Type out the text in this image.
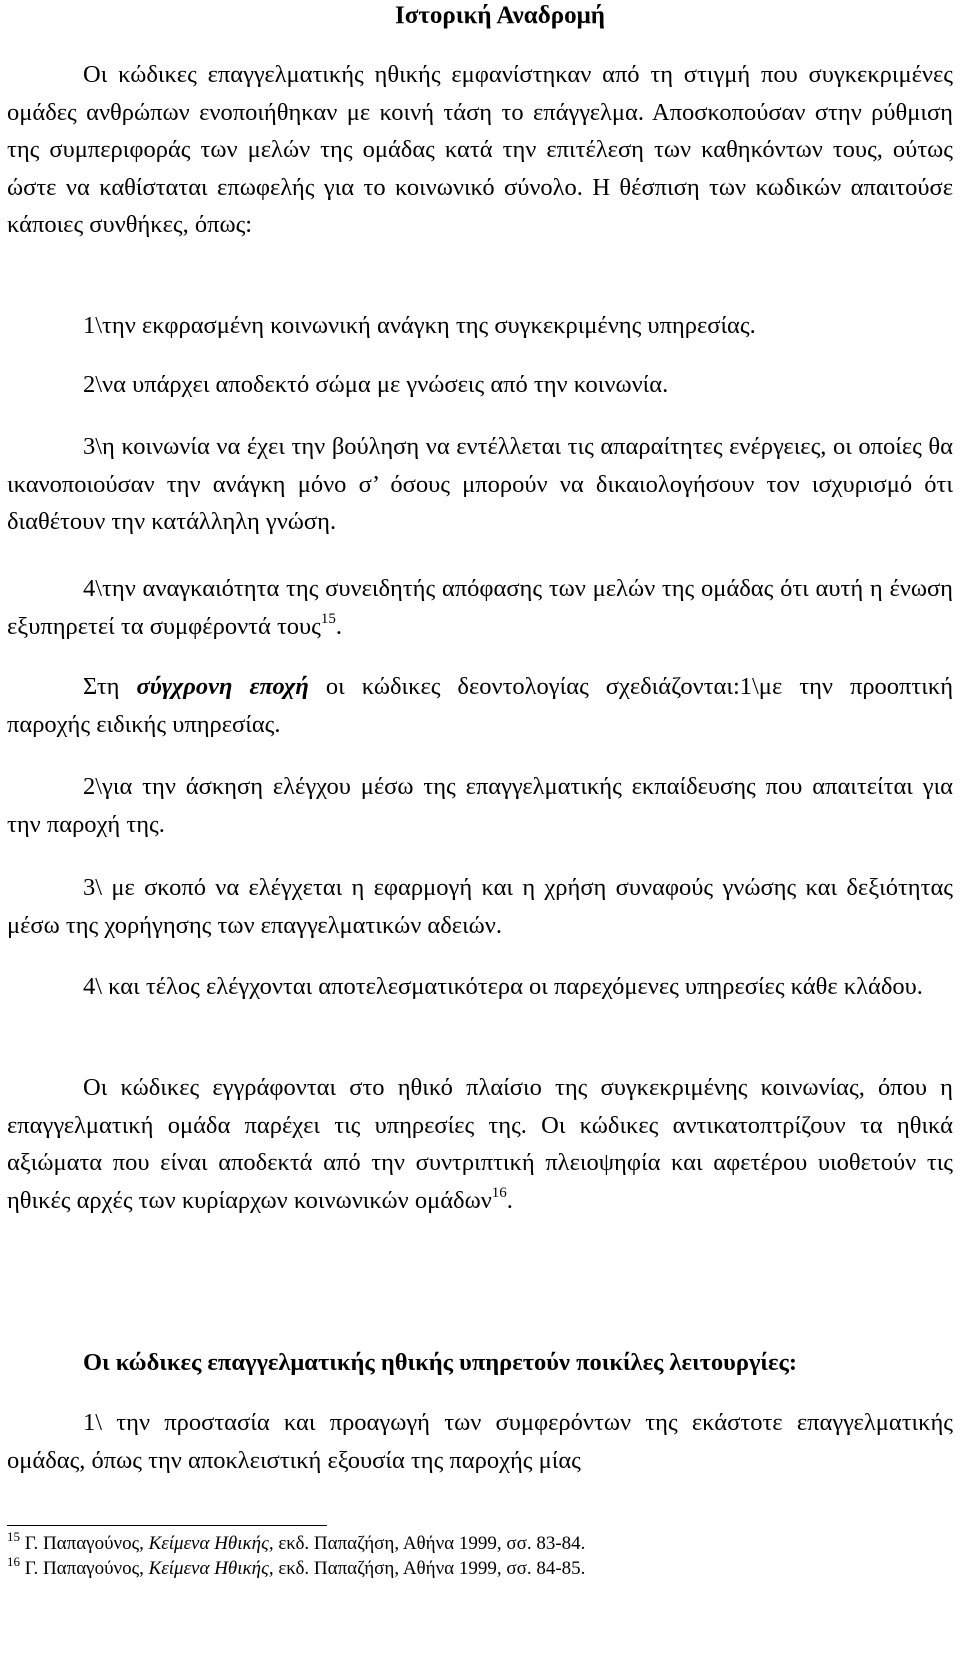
Ιστορική Αναδρομή
Οι κώδικες επαγγελματικής ηθικής εμφανίστηκαν από τη στιγμή που συγκεκριμένες ομάδες ανθρώπων ενοποιήθηκαν με κοινή τάση το επάγγελμα. Αποσκοπούσαν στην ρύθμιση της συμπεριφοράς των μελών της ομάδας κατά την επιτέλεση των καθηκόντων τους, ούτως ώστε να καθίσταται επωφελής για το κοινωνικό σύνολο. Η θέσπιση των κωδικών απαιτούσε κάποιες συνθήκες, όπως:
1\την εκφρασμένη κοινωνική ανάγκη της συγκεκριμένης υπηρεσίας.
2\να υπάρχει αποδεκτό σώμα με γνώσεις από την κοινωνία.
3\η κοινωνία να έχει την βούληση να εντέλλεται τις απαραίτητες ενέργειες, οι οποίες θα ικανοποιούσαν την ανάγκη μόνο σ’ όσους μπορούν να δικαιολογήσουν τον ισχυρισμό ότι διαθέτουν την κατάλληλη γνώση.
4\την αναγκαιότητα της συνειδητής απόφασης των μελών της ομάδας ότι αυτή η ένωση εξυπηρετεί τα συμφέροντά τους$^{15}$.
Στη σύγχρονη εποχή οι κώδικες δεοντολογίας σχεδιάζονται:1\με την προοπτική παροχής ειδικής υπηρεσίας.
2\για την άσκηση ελέγχου μέσω της επαγγελματικής εκπαίδευσης που απαιτείται για την παροχή της.
3\ με σκοπό να ελέγχεται η εφαρμογή και η χρήση συναφούς γνώσης και δεξιότητας μέσω της χορήγησης των επαγγελματικών αδειών.
4\ και τέλος ελέγχονται αποτελεσματικότερα οι παρεχόμενες υπηρεσίες κάθε κλάδου.
Οι κώδικες εγγράφονται στο ηθικό πλαίσιο της συγκεκριμένης κοινωνίας, όπου η επαγγελματική ομάδα παρέχει τις υπηρεσίες της. Οι κώδικες αντικατοπτρίζουν τα ηθικά αξιώματα που είναι αποδεκτά από την συντριπτική πλειοψηφία και αφετέρου υιοθετούν τις ηθικές αρχές των κυρίαρχων κοινωνικών ομάδων$^{16}$.
Οι κώδικες επαγγελματικής ηθικής υπηρετούν ποικίλες λειτουργίες:
1\ την προστασία και προαγωγή των συμφερόντων της εκάστοτε επαγγελματικής ομάδας, όπως την αποκλειστική εξουσία της παροχής μίας
$^{15}$ Γ. Παπαγούνος, Κείμενα Ηθικής, εκδ. Παπαζήση, Αθήνα 1999, σσ. 83-84.
$^{16}$ Γ. Παπαγούνος, Κείμενα Ηθικής, εκδ. Παπαζήση, Αθήνα 1999, σσ. 84-85.
